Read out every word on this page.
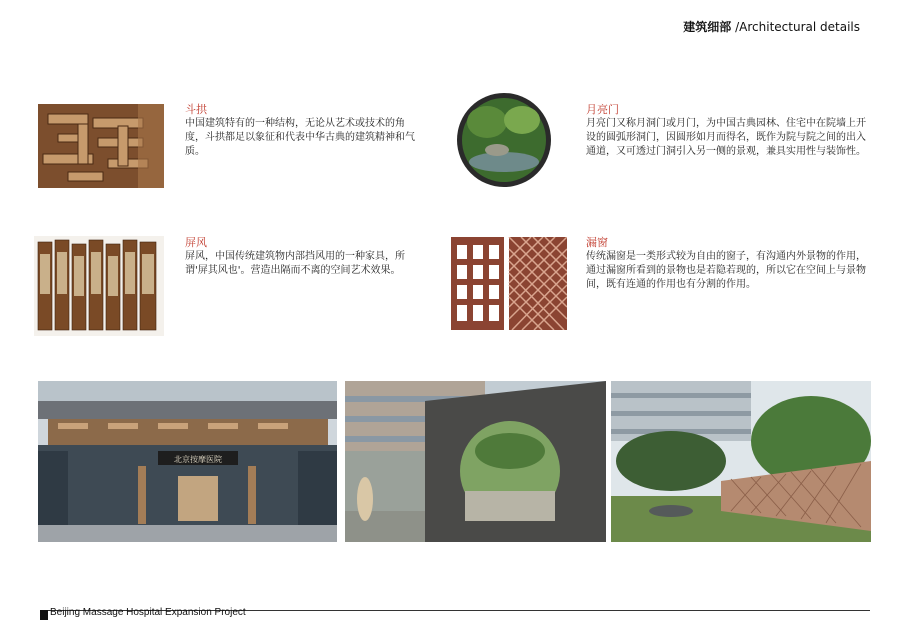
建筑细部 /Architectural details
斗拱
中国建筑特有的一种结构，无论从艺术或技术的角度，斗拱都足以象征和代表中华古典的建筑精神和气质。
月亮门
月亮门又称月洞门或月门，为中国古典园林、住宅中在院墙上开设的圆弧形洞门，因圆形如月而得名，既作为院与院之间的出入通道，又可透过门洞引入另一侧的景观，兼具实用性与装饰性。
屏风
屏风，中国传统建筑物内部挡风用的一种家具，所谓'屏其风也'。营造出隔而不离的空间艺术效果。
漏窗
传统漏窗是一类形式较为自由的窗子，有沟通内外景物的作用，通过漏窗所看到的景物也是若隐若现的，所以它在空间上与景物间，既有连通的作用也有分割的作用。
北京按摩医院
Beijing Massage Hospital Expansion Project
